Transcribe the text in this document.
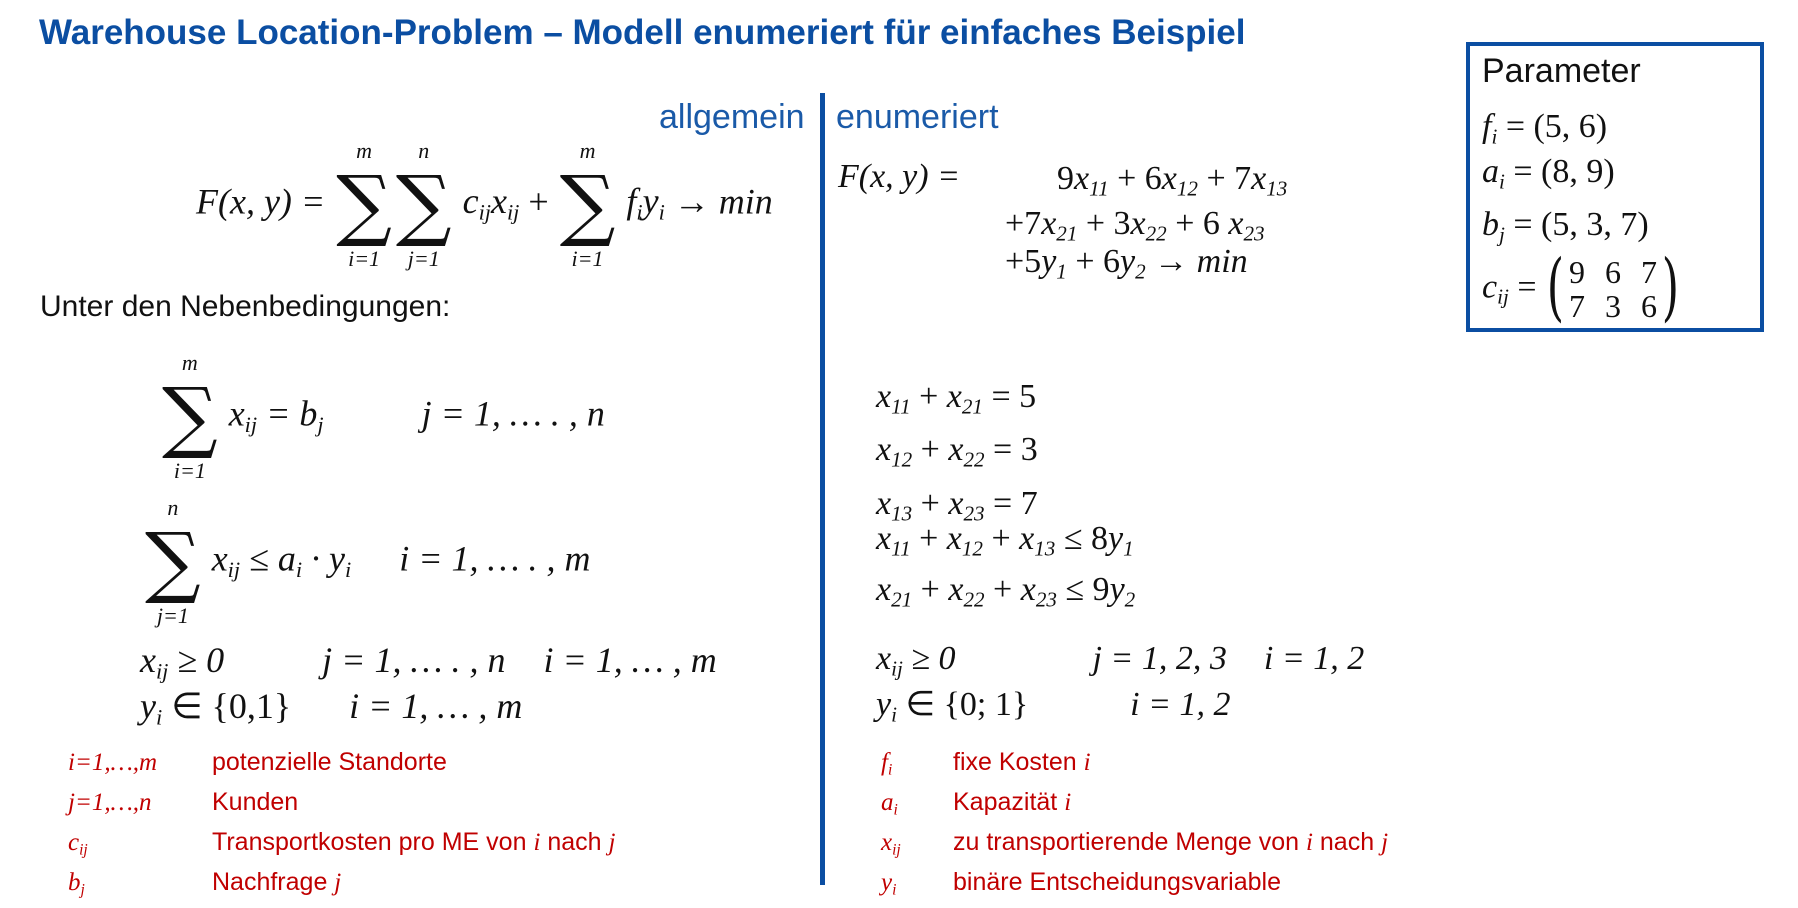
Warehouse Location-Problem – Modell enumeriert für einfaches Beispiel
allgemein enumeriert
F(x, y) =
m
∑
i=1
n
∑
j=1
$c_{ij}x_{ij}$ +
m
∑
i=1
$f_iy_i \to \min$
Unter den Nebenbedingungen:
m
∑
i=1
$x_{ij} = b_j$	j = 1, … . , n
n
∑
j=1
$x_{ij} \le a_i \cdot y_i$ i = 1, … . , m
$x_{ij} \ge 0$	j = 1, … . , n i = 1, … , m
$y_i$ ∈ {0,1} i = 1, … , m
F(x, y) =	$9x_{11} + 6x_{12} + 7x_{13}$
$+7x_{21} + 3x_{22} + 6$ $x_{23}$
$+5y_1 + 6y_2 \to \min$
$x_{11} + x_{21} = 5$
$x_{12} + x_{22} = 3$
$x_{13} + x_{23} = 7$
$x_{11} + x_{12} + x_{13} \le 8y_1$
$x_{21} + x_{22} + x_{23} \le 9y_2$
$x_{ij} \ge 0$	j = 1, 2, 3 i = 1, 2
$y_i$ ∈ {0; 1}	i = 1, 2
Parameter
$f_i = (5$, 6)
$a_i = (8$, 9)
$b_j = (5$, 3, 7)
$c_{ij}$ = ( 9	6	7
7	3	6 )
i=1,…,m	potenzielle Standorte
j=1,…,n	Kunden
$c_{ij}$	Transportkosten pro ME von i nach j
$b_j$	Nachfrage j
$f_i$	fixe Kosten i
$a_i$	Kapazität i
$x_{ij}$	zu transportierende Menge von i nach j
$y_i$	binäre Entscheidungsvariable
